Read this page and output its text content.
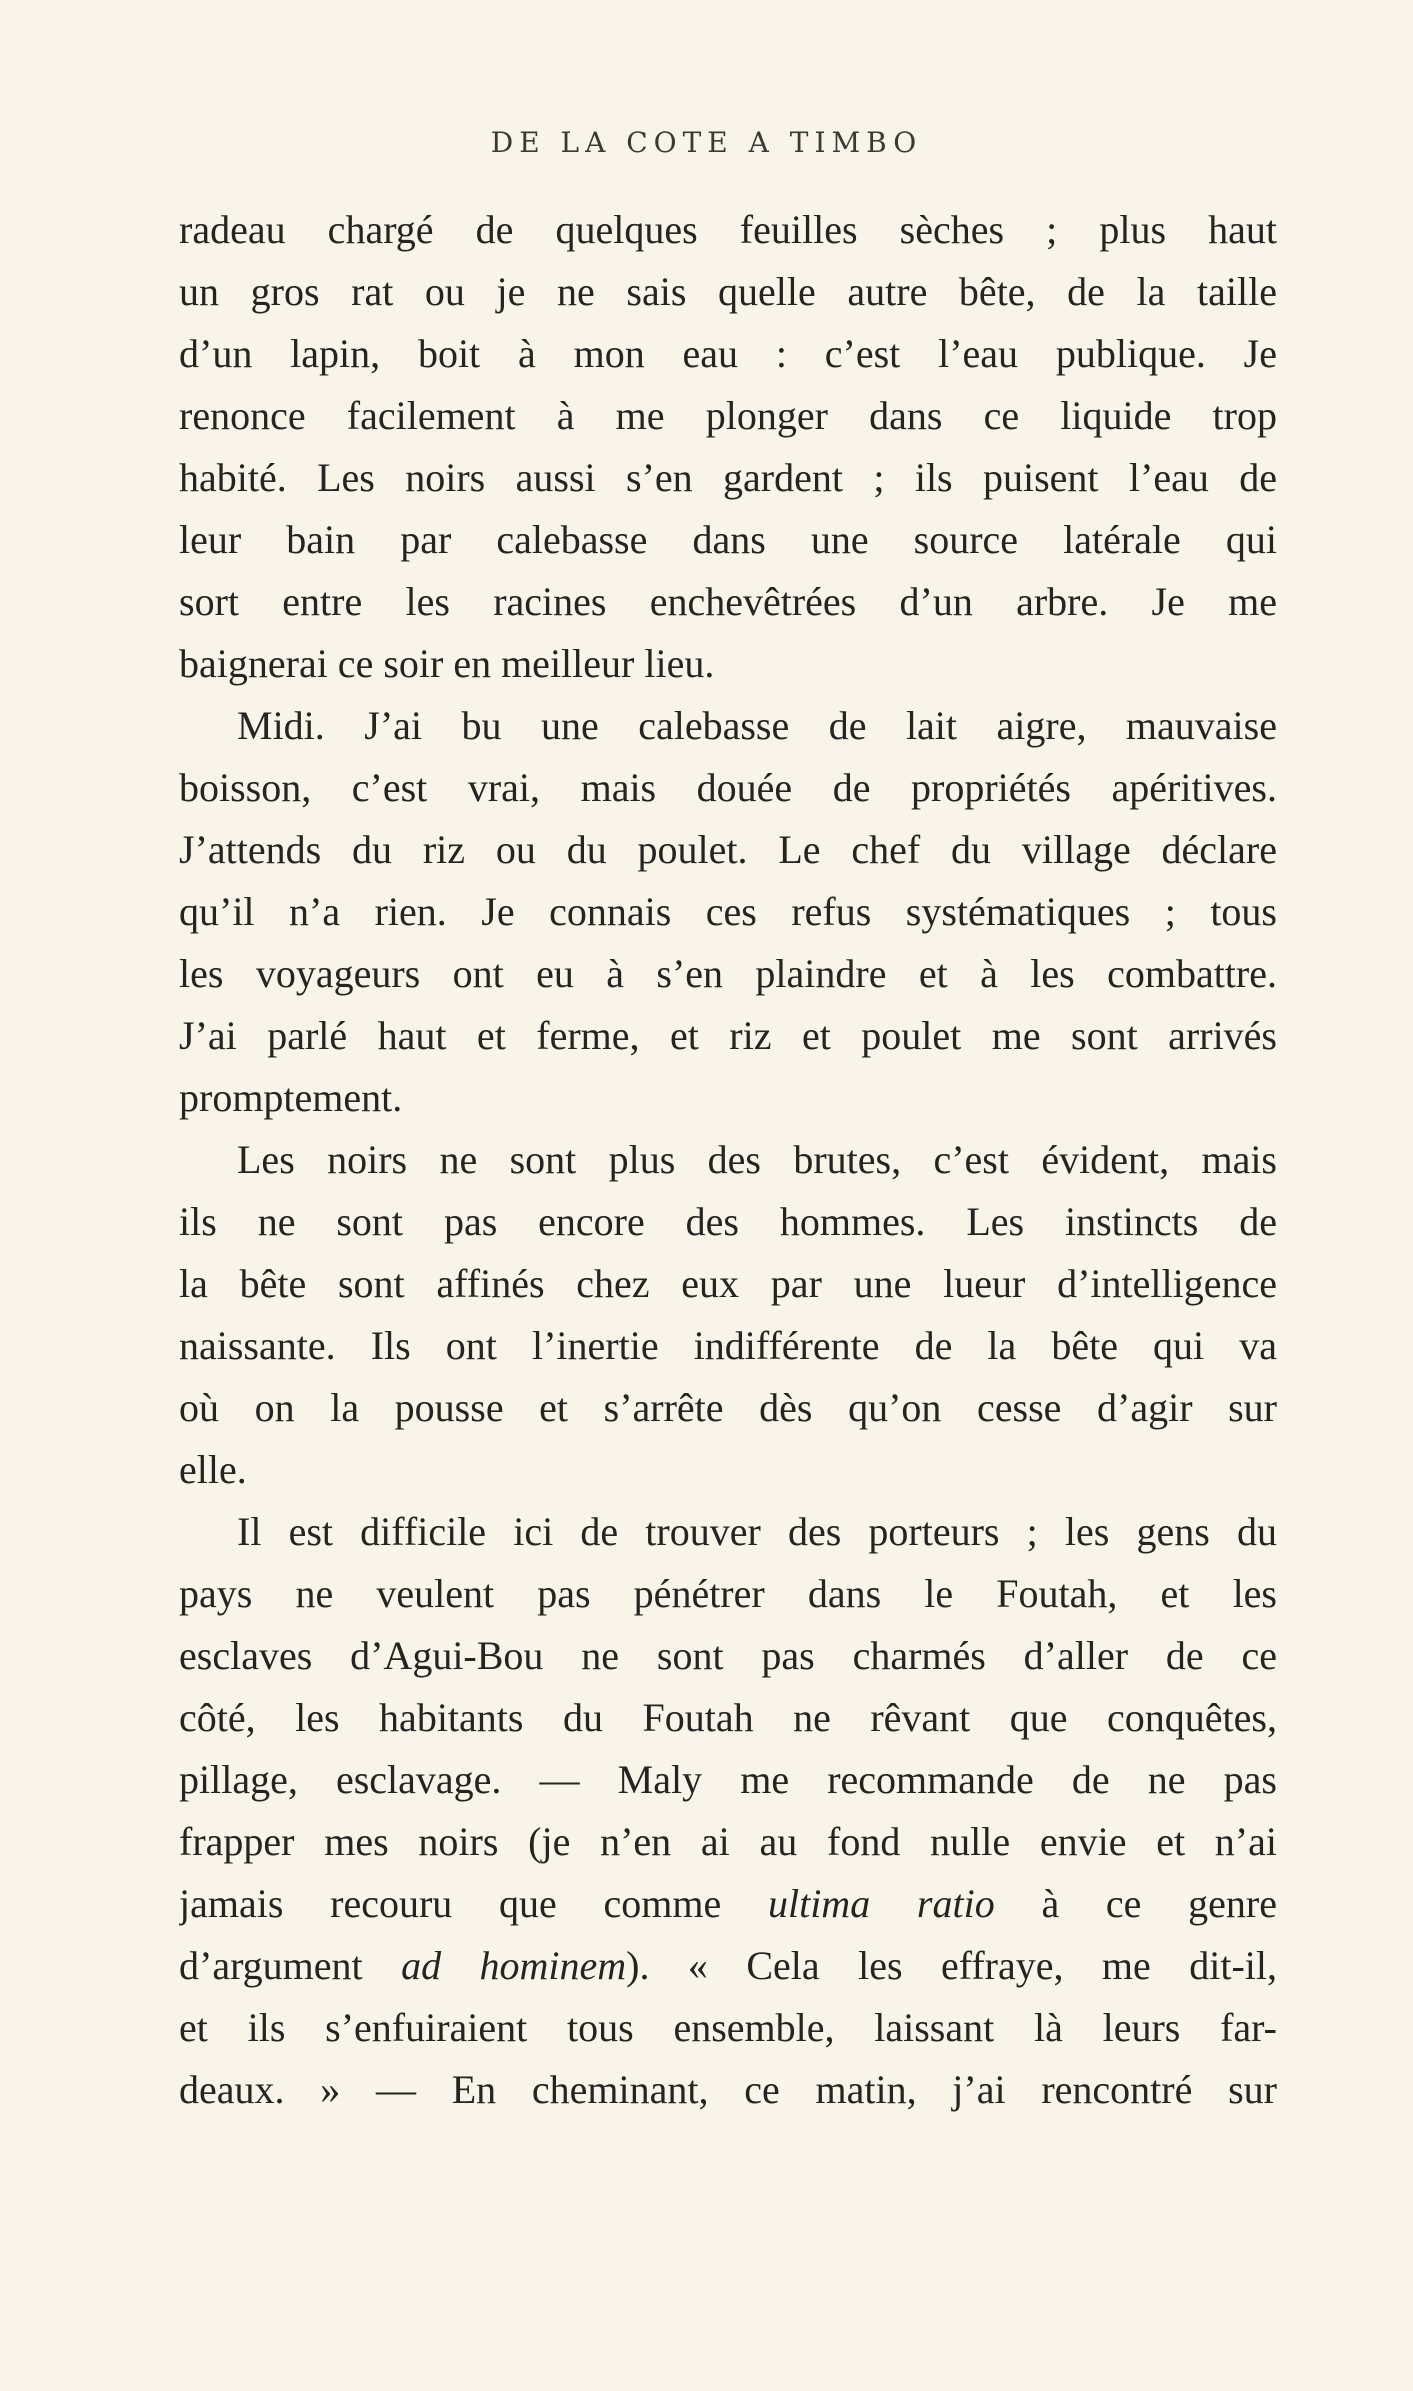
DE LA COTE A TIMBO
radeau chargé de quelques feuilles sèches ; plus haut
un gros rat ou je ne sais quelle autre bête, de la taille
d’un lapin, boit à mon eau : c’est l’eau publique. Je
renonce facilement à me plonger dans ce liquide trop
habité. Les noirs aussi s’en gardent ; ils puisent l’eau de
leur bain par calebasse dans une source latérale qui
sort entre les racines enchevêtrées d’un arbre. Je me
baignerai ce soir en meilleur lieu.
Midi. J’ai bu une calebasse de lait aigre, mauvaise
boisson, c’est vrai, mais douée de propriétés apéritives.
J’attends du riz ou du poulet. Le chef du village déclare
qu’il n’a rien. Je connais ces refus systématiques ; tous
les voyageurs ont eu à s’en plaindre et à les combattre.
J’ai parlé haut et ferme, et riz et poulet me sont arrivés
promptement.
Les noirs ne sont plus des brutes, c’est évident, mais
ils ne sont pas encore des hommes. Les instincts de
la bête sont affinés chez eux par une lueur d’intelligence
naissante. Ils ont l’inertie indifférente de la bête qui va
où on la pousse et s’arrête dès qu’on cesse d’agir sur
elle.
Il est difficile ici de trouver des porteurs ; les gens du
pays ne veulent pas pénétrer dans le Foutah, et les
esclaves d’Agui-Bou ne sont pas charmés d’aller de ce
côté, les habitants du Foutah ne rêvant que conquêtes,
pillage, esclavage. — Maly me recommande de ne pas
frapper mes noirs (je n’en ai au fond nulle envie et n’ai
jamais recouru que comme ultima ratio à ce genre
d’argument ad hominem). « Cela les effraye, me dit-il,
et ils s’enfuiraient tous ensemble, laissant là leurs far-
deaux. » — En cheminant, ce matin, j’ai rencontré sur
